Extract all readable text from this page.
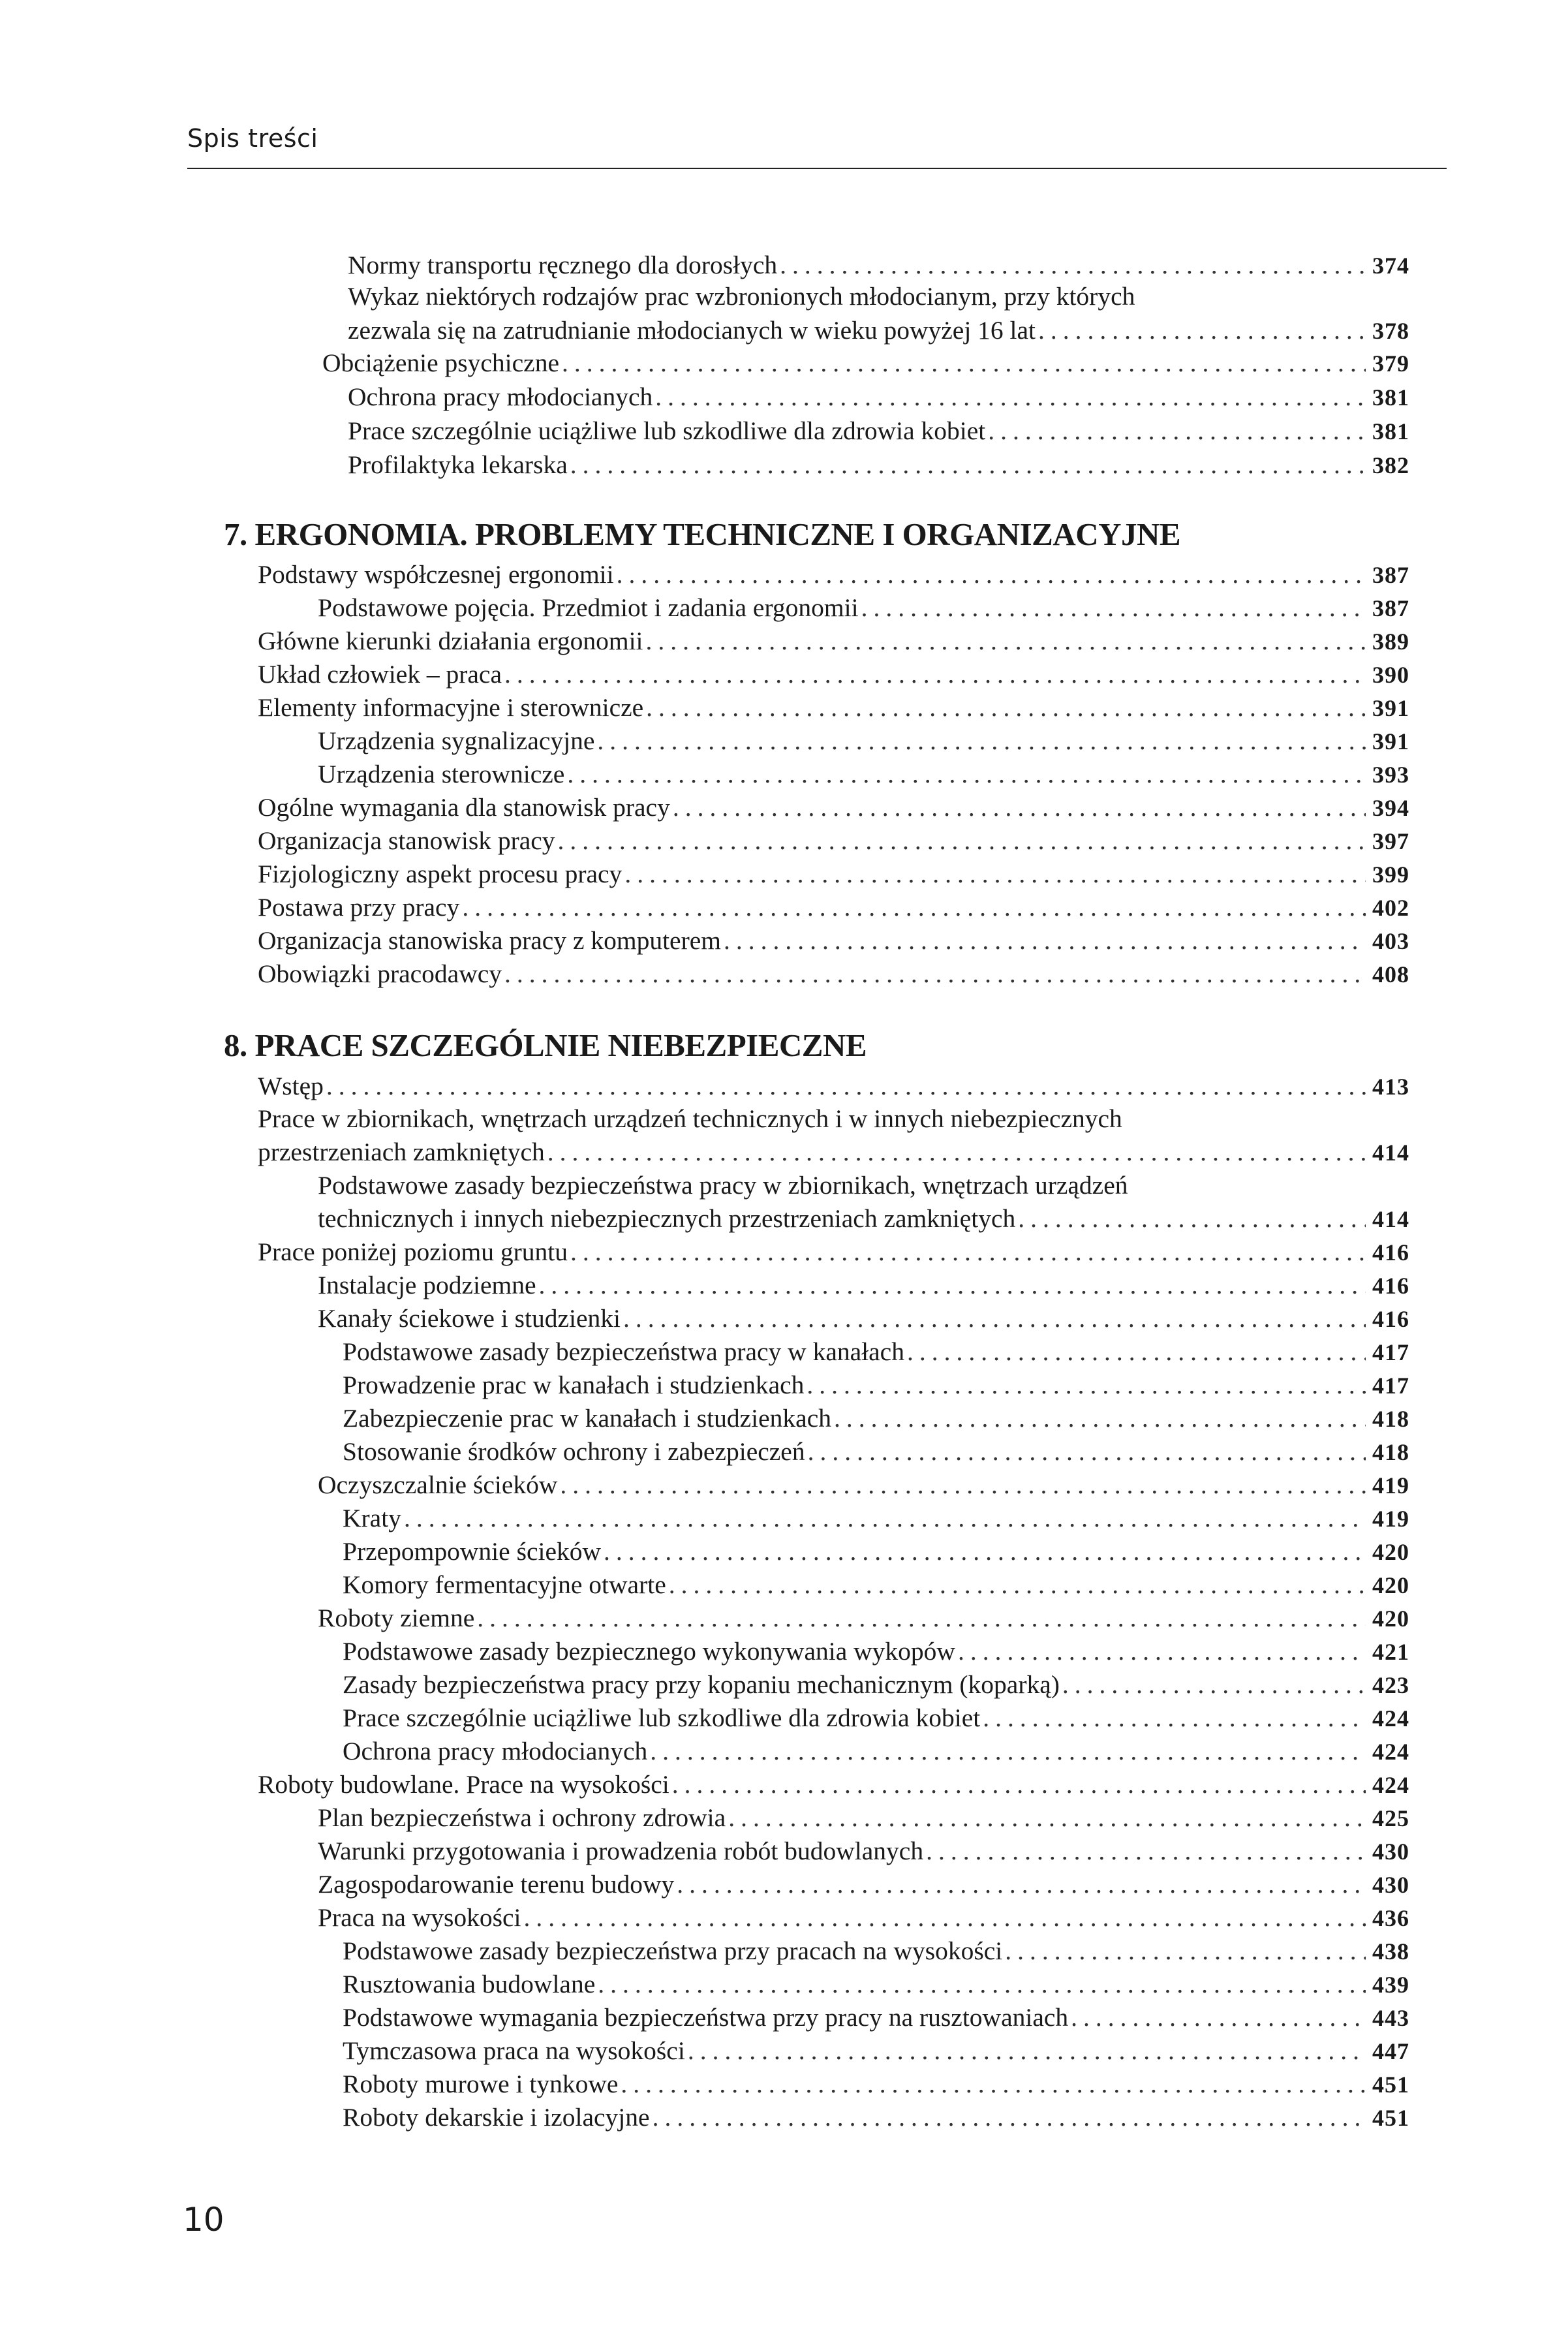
Spis treści
Normy transportu ręcznego dla dorosłych .....	374
Wykaz niektórych rodzajów prac wzbronionych młodocianym, przy których
zezwala się na zatrudnianie młodocianych w wieku powyżej 16 lat .....	378
Obciążenie psychiczne .....	379
Ochrona pracy młodocianych .....	381
Prace szczególnie uciążliwe lub szkodliwe dla zdrowia kobiet .....	381
Profilaktyka lekarska .....	382
7. ERGONOMIA. PROBLEMY TECHNICZNE I ORGANIZACYJNE
Podstawy współczesnej ergonomii .....	387
Podstawowe pojęcia. Przedmiot i zadania ergonomii .....	387
Główne kierunki działania ergonomii .....	389
Układ człowiek – praca .....	390
Elementy informacyjne i sterownicze .....	391
Urządzenia sygnalizacyjne .....	391
Urządzenia sterownicze .....	393
Ogólne wymagania dla stanowisk pracy .....	394
Organizacja stanowisk pracy .....	397
Fizjologiczny aspekt procesu pracy .....	399
Postawa przy pracy .....	402
Organizacja stanowiska pracy z komputerem .....	403
Obowiązki pracodawcy .....	408
8. PRACE SZCZEGÓLNIE NIEBEZPIECZNE
Wstęp .....	413
Prace w zbiornikach, wnętrzach urządzeń technicznych i w innych niebezpiecznych
przestrzeniach zamkniętych .....	414
Podstawowe zasady bezpieczeństwa pracy w zbiornikach, wnętrzach urządzeń
technicznych i innych niebezpiecznych przestrzeniach zamkniętych .....	414
Prace poniżej poziomu gruntu .....	416
Instalacje podziemne .....	416
Kanały ściekowe i studzienki .....	416
Podstawowe zasady bezpieczeństwa pracy w kanałach .....	417
Prowadzenie prac w kanałach i studzienkach .....	417
Zabezpieczenie prac w kanałach i studzienkach .....	418
Stosowanie środków ochrony i zabezpieczeń .....	418
Oczyszczalnie ścieków .....	419
Kraty .....	419
Przepompownie ścieków .....	420
Komory fermentacyjne otwarte .....	420
Roboty ziemne .....	420
Podstawowe zasady bezpiecznego wykonywania wykopów .....	421
Zasady bezpieczeństwa pracy przy kopaniu mechanicznym (koparką) .....	423
Prace szczególnie uciążliwe lub szkodliwe dla zdrowia kobiet .....	424
Ochrona pracy młodocianych .....	424
Roboty budowlane. Prace na wysokości .....	424
Plan bezpieczeństwa i ochrony zdrowia .....	425
Warunki przygotowania i prowadzenia robót budowlanych .....	430
Zagospodarowanie terenu budowy .....	430
Praca na wysokości .....	436
Podstawowe zasady bezpieczeństwa przy pracach na wysokości .....	438
Rusztowania budowlane .....	439
Podstawowe wymagania bezpieczeństwa przy pracy na rusztowaniach .....	443
Tymczasowa praca na wysokości .....	447
Roboty murowe i tynkowe .....	451
Roboty dekarskie i izolacyjne .....	451
10
